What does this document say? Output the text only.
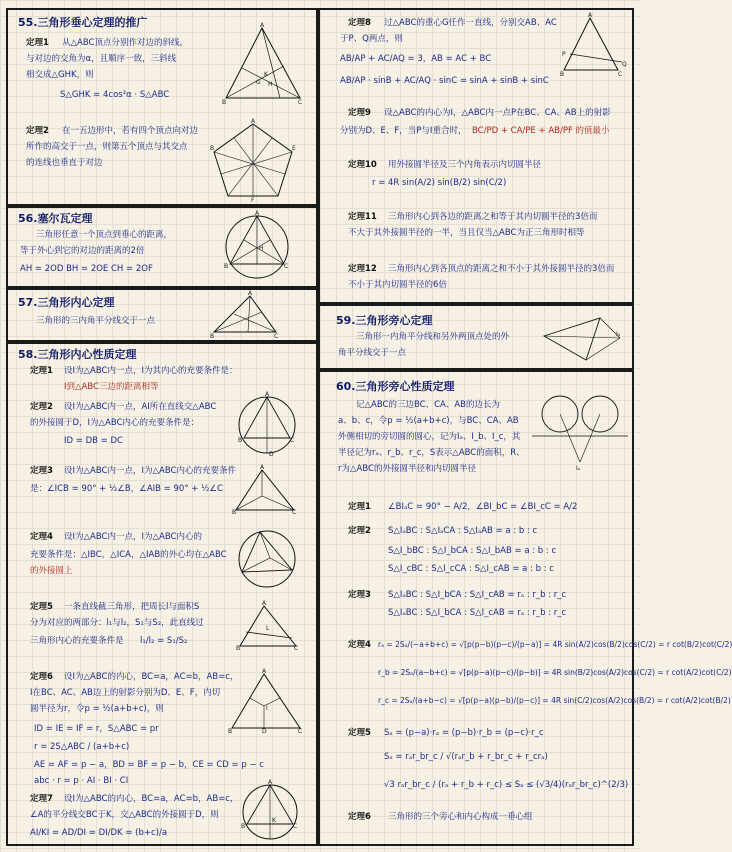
55.三角形垂心定理的推广
定理1 从△ABC顶点分别作对边的斜线，
与对边的交角为α，且顺序一致，三斜线
相交成△GHK，则
S△GHK = 4cos²α · S△ABC
定理2 在一五边形中，若有四个顶点向对边
所作的高交于一点，则第五个顶点与其交点
的连线也垂直于对边
A
B	C
K
G H
A
B	E
F
56.塞尔瓦定理
三角形任意一个顶点到垂心的距离，
等于外心到它的对边的距离的2倍
AH = 2OD BH = 2OE CH = 2OF
A
B	C
H
57.三角形内心定理
三角形的三内角平分线交于一点
A
B	C
58.三角形内心性质定理
定理1 设I为△ABC内一点，I为其内心的充要条件是：
I到△ABC三边的距离相等
定理2 设I为△ABC内一点，AI所在直线交△ABC
的外接圆于D，I为△ABC内心的充要条件是：
ID = DB = DC
A
B	C
D
定理3 设I为△ABC内一点，I为△ABC内心的充要条件
是：∠ICB = 90° + ½∠B，∠AIB = 90° + ½∠C
A
B	C
定理4 设I为△ABC内一点，I为△ABC内心的
充要条件是：△IBC，△ICA，△IAB的外心均在△ABC
的外接圆上
定理5 一条直线截三角形，把周长l与面积S
分为对应的两部分：l₁与l₂，S₁与S₂，此直线过
三角形内心的充要条件是 l₁/l₂ = S₁/S₂
A
B	C
L
定理6 设I为△ABC的内心，BC=a，AC=b，AB=c，
I在BC、AC、AB边上的射影分别为D、E、F，内切
圆半径为r，令p = ½(a+b+c)，则
ID = IE = IF = r，S△ABC = pr
r = 2S△ABC / (a+b+c)
AE = AF = p − a，BD = BF = p − b，CE = CD = p − c
abc · r = p · AI · BI · CI
A
B	C
D
I
定理7 设I为△ABC的内心，BC=a，AC=b，AB=c，
∠A的平分线交BC于K，交△ABC的外接圆于D，则
AI/KI = AD/DI = DI/DK = (b+c)/a
A
B	C
K
定理8 过△ABC的重心G任作一直线，分别交AB、AC
于P、Q两点，则
AB/AP + AC/AQ = 3，AB = AC + BC
AB/AP · sinB + AC/AQ · sinC = sinA + sinB + sinC
A
B	C
P
Q
定理9 设△ABC的内心为I，△ABC内一点P在BC、CA、AB上的射影
分别为D、E、F，当P与I重合时， BC/PD + CA/PE + AB/PF 的值最小
定理10 用外接圆半径及三个内角表示内切圆半径
r = 4R sin(A/2) sin(B/2) sin(C/2)
定理11 三角形内心到各边的距离之和等于其内切圆半径的3倍而
不大于其外接圆半径的一半，当且仅当△ABC为正三角形时相等
定理12 三角形内心到各顶点的距离之和不小于其外接圆半径的3倍而
不小于其内切圆半径的6倍
59.三角形旁心定理
三角形一内角平分线和另外两顶点处的外
角平分线交于一点
I₃
60.三角形旁心性质定理
记△ABC的三边BC、CA、AB的边长为
a、b、c，令p = ½(a+b+c)，与BC、CA、AB
外侧相切的旁切圆的圆心，记为Iₐ、I_b、I_c，其
半径记为rₐ、r_b、r_c，S表示△ABC的面积，R、
r为△ABC的外接圆半径和内切圆半径	Iₐ
定理1 ∠BIₐC = 90° − A/2，∠BI_bC = ∠BI_cC = A/2
定理2 S△IₐBC : S△IₐCA : S△IₐAB = a : b : c
S△I_bBC : S△I_bCA : S△I_bAB = a : b : c
S△I_cBC : S△I_cCA : S△I_cAB = a : b : c
定理3 S△IₐBC : S△I_bCA : S△I_cAB = rₐ : r_b : r_c
S△IₐBC : S△I_bCA : S△I_cAB = rₐ : r_b : r_c
定理4 rₐ = 2Sₐ/(−a+b+c) = √[p(p−b)(p−c)/(p−a)] = 4R sin(A/2)cos(B/2)cos(C/2) = r cot(B/2)cot(C/2)
r_b = 2Sₐ/(a−b+c) = √[p(p−a)(p−c)/(p−b)] = 4R sin(B/2)cos(A/2)cos(C/2) = r cot(A/2)cot(C/2)
r_c = 2Sₐ/(a+b−c) = √[p(p−a)(p−b)/(p−c)] = 4R sin(C/2)cos(A/2)cos(B/2) = r cot(A/2)cot(B/2)
定理5 Sₐ = (p−a)·rₐ = (p−b)·r_b = (p−c)·r_c
Sₐ = rₐr_br_c / √(rₐr_b + r_br_c + r_crₐ)
√3 rₐr_br_c / (rₐ + r_b + r_c) ≤ Sₐ ≤ (√3/4)(rₐr_br_c)^(2/3)
定理6 三角形的三个旁心和内心构成一垂心组
